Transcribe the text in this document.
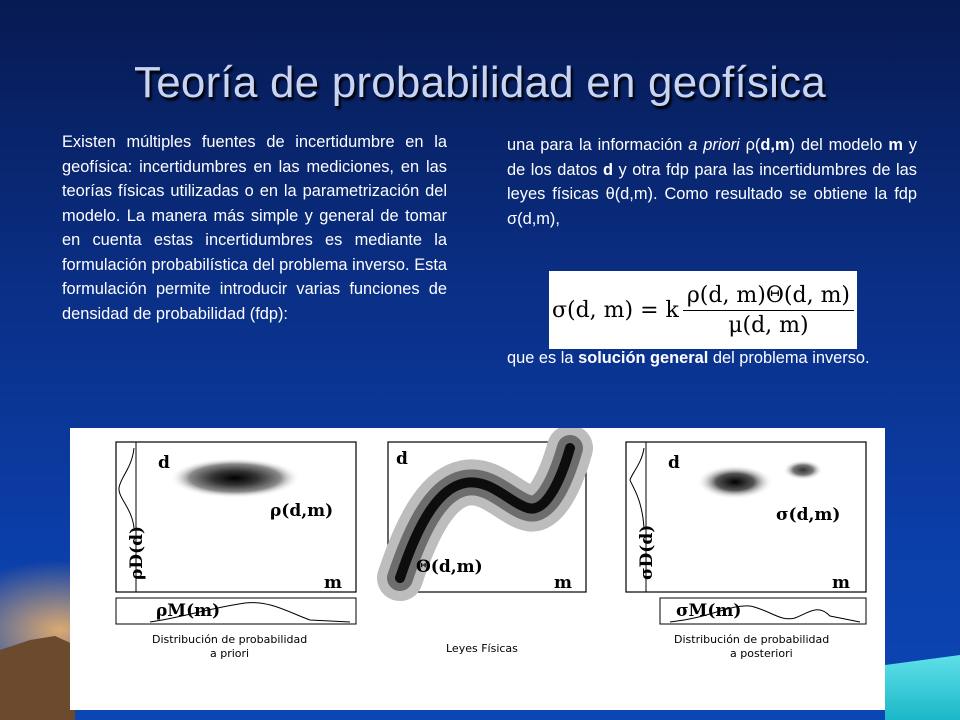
Teoría de probabilidad en geofísica
Existen múltiples fuentes de incertidumbre en la geofísica: incertidumbres en las mediciones, en las teorías físicas utilizadas o en la parametrización del modelo. La manera más simple y general de tomar en cuenta estas incertidumbres es mediante la formulación probabilística del problema inverso. Esta formulación permite introducir varias funciones de densidad de probabilidad (fdp):
una para la información a priori ρ(d,m) del modelo m y de los datos d y otra fdp para las incertidumbres de las leyes físicas θ(d,m). Como resultado se obtiene la fdp σ(d,m),
σ(d, m) = k $\frac{\rho(d, m)\Theta(d, m)}{\mu(d, m)}$
que es la solución general del problema inverso.
d
m
ρ(d,m)
ρD(d)
ρM(m)
Distribución de probabilidad
a priori
d
m
Θ(d,m)
Leyes Físicas
d
m
σ(d,m)
σD(d)
σM(m)
Distribución de probabilidad
a posteriori
